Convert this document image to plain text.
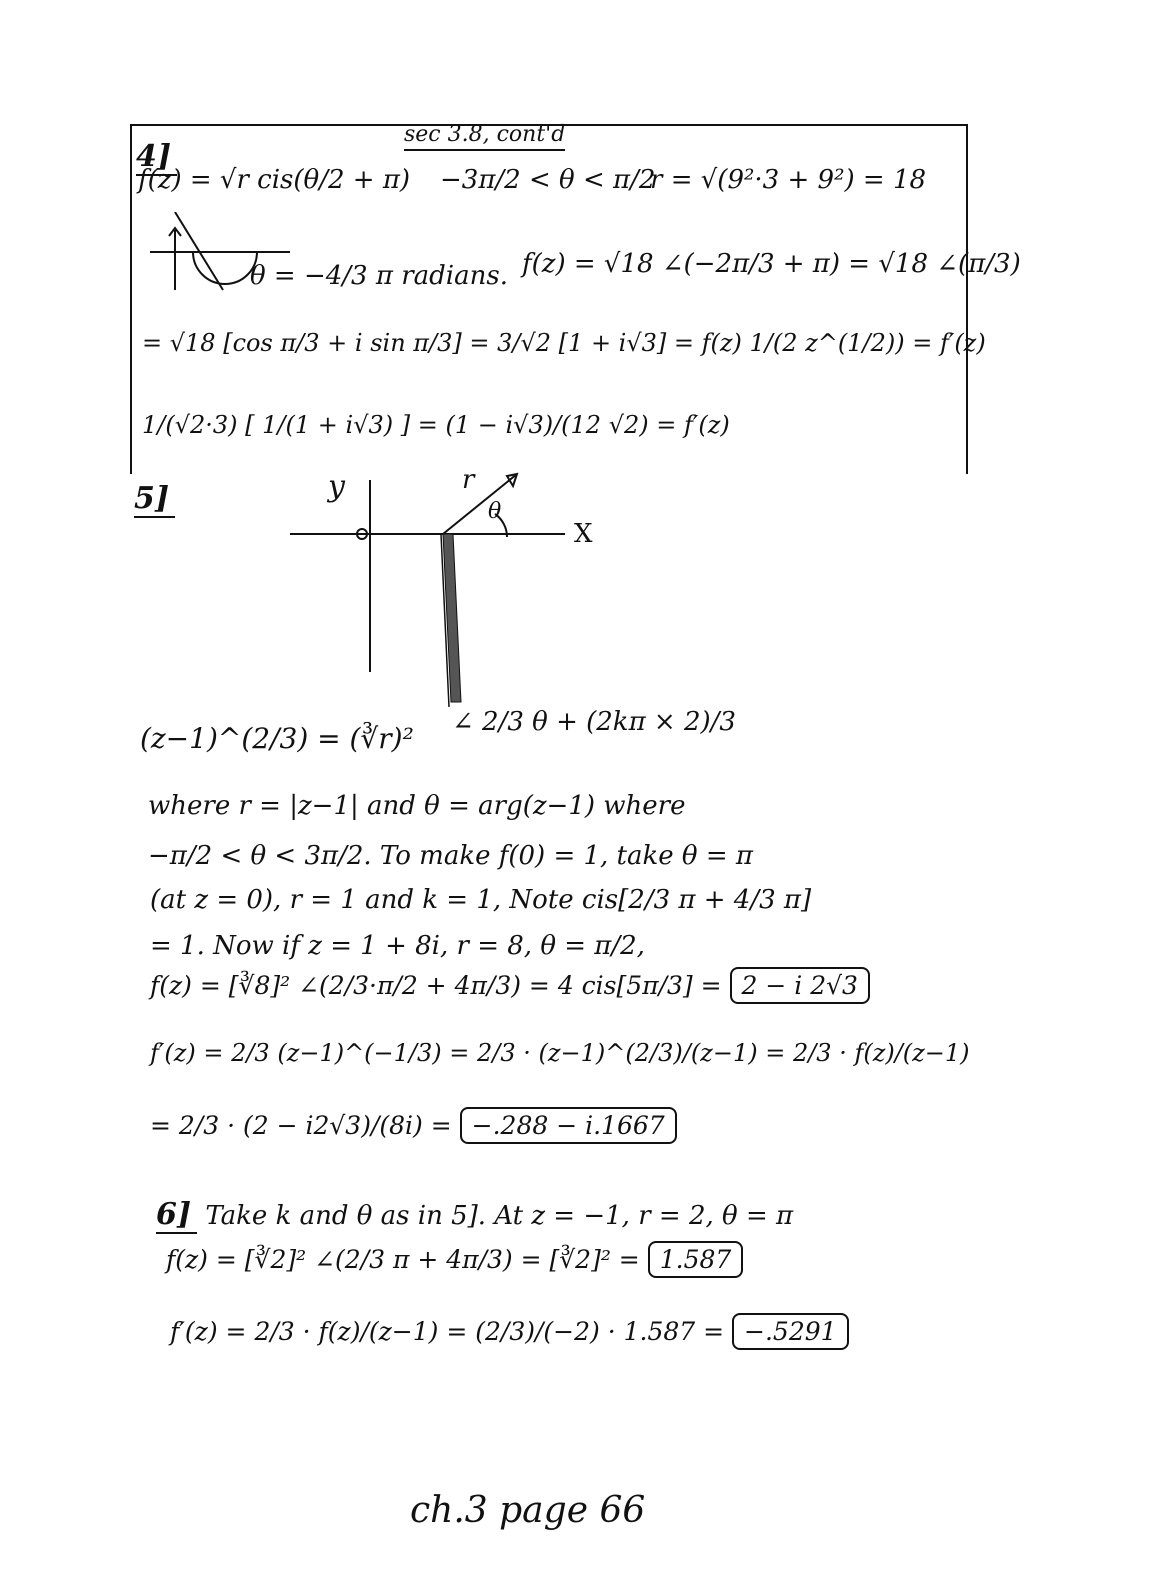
sec 3.8, cont'd
4]
f(z) = √r cis(θ/2 + π) −3π/2 < θ < π/2
r = √(9²·3 + 9²) = 18
θ = −4/3 π radians. f(z) = √18 ∠(−2π/3 + π) = √18 ∠(π/3)
= √18 [cos π/3 + i sin π/3] = 3/√2 [1 + i√3] = f(z) 1/(2 z^(1/2)) = f′(z)
1/(√2·3) [ 1/(1 + i√3) ] = (1 − i√3)/(12 √2) = f′(z)
5]	y
X
r
θ
(z−1)^(2/3) = (∛r)² ∠ 2/3 θ + (2kπ × 2)/3
where r = |z−1| and θ = arg(z−1) where
−π/2 < θ < 3π/2. To make f(0) = 1, take θ = π
(at z = 0), r = 1 and k = 1, Note cis[2/3 π + 4/3 π]
= 1. Now if z = 1 + 8i, r = 8, θ = π/2,
f(z) = [∛8]² ∠(2/3·π/2 + 4π/3) = 4 cis[5π/3] = 2 − i 2√3
f′(z) = 2/3 (z−1)^(−1/3) = 2/3 · (z−1)^(2/3)/(z−1) = 2/3 · f(z)/(z−1)
= 2/3 · (2 − i2√3)/(8i) = −.288 − i.1667
6] Take k and θ as in 5]. At z = −1, r = 2, θ = π
f(z) = [∛2]² ∠(2/3 π + 4π/3) = [∛2]² = 1.587
f′(z) = 2/3 · f(z)/(z−1) = (2/3)/(−2) · 1.587 = −.5291
ch.3 page 66
